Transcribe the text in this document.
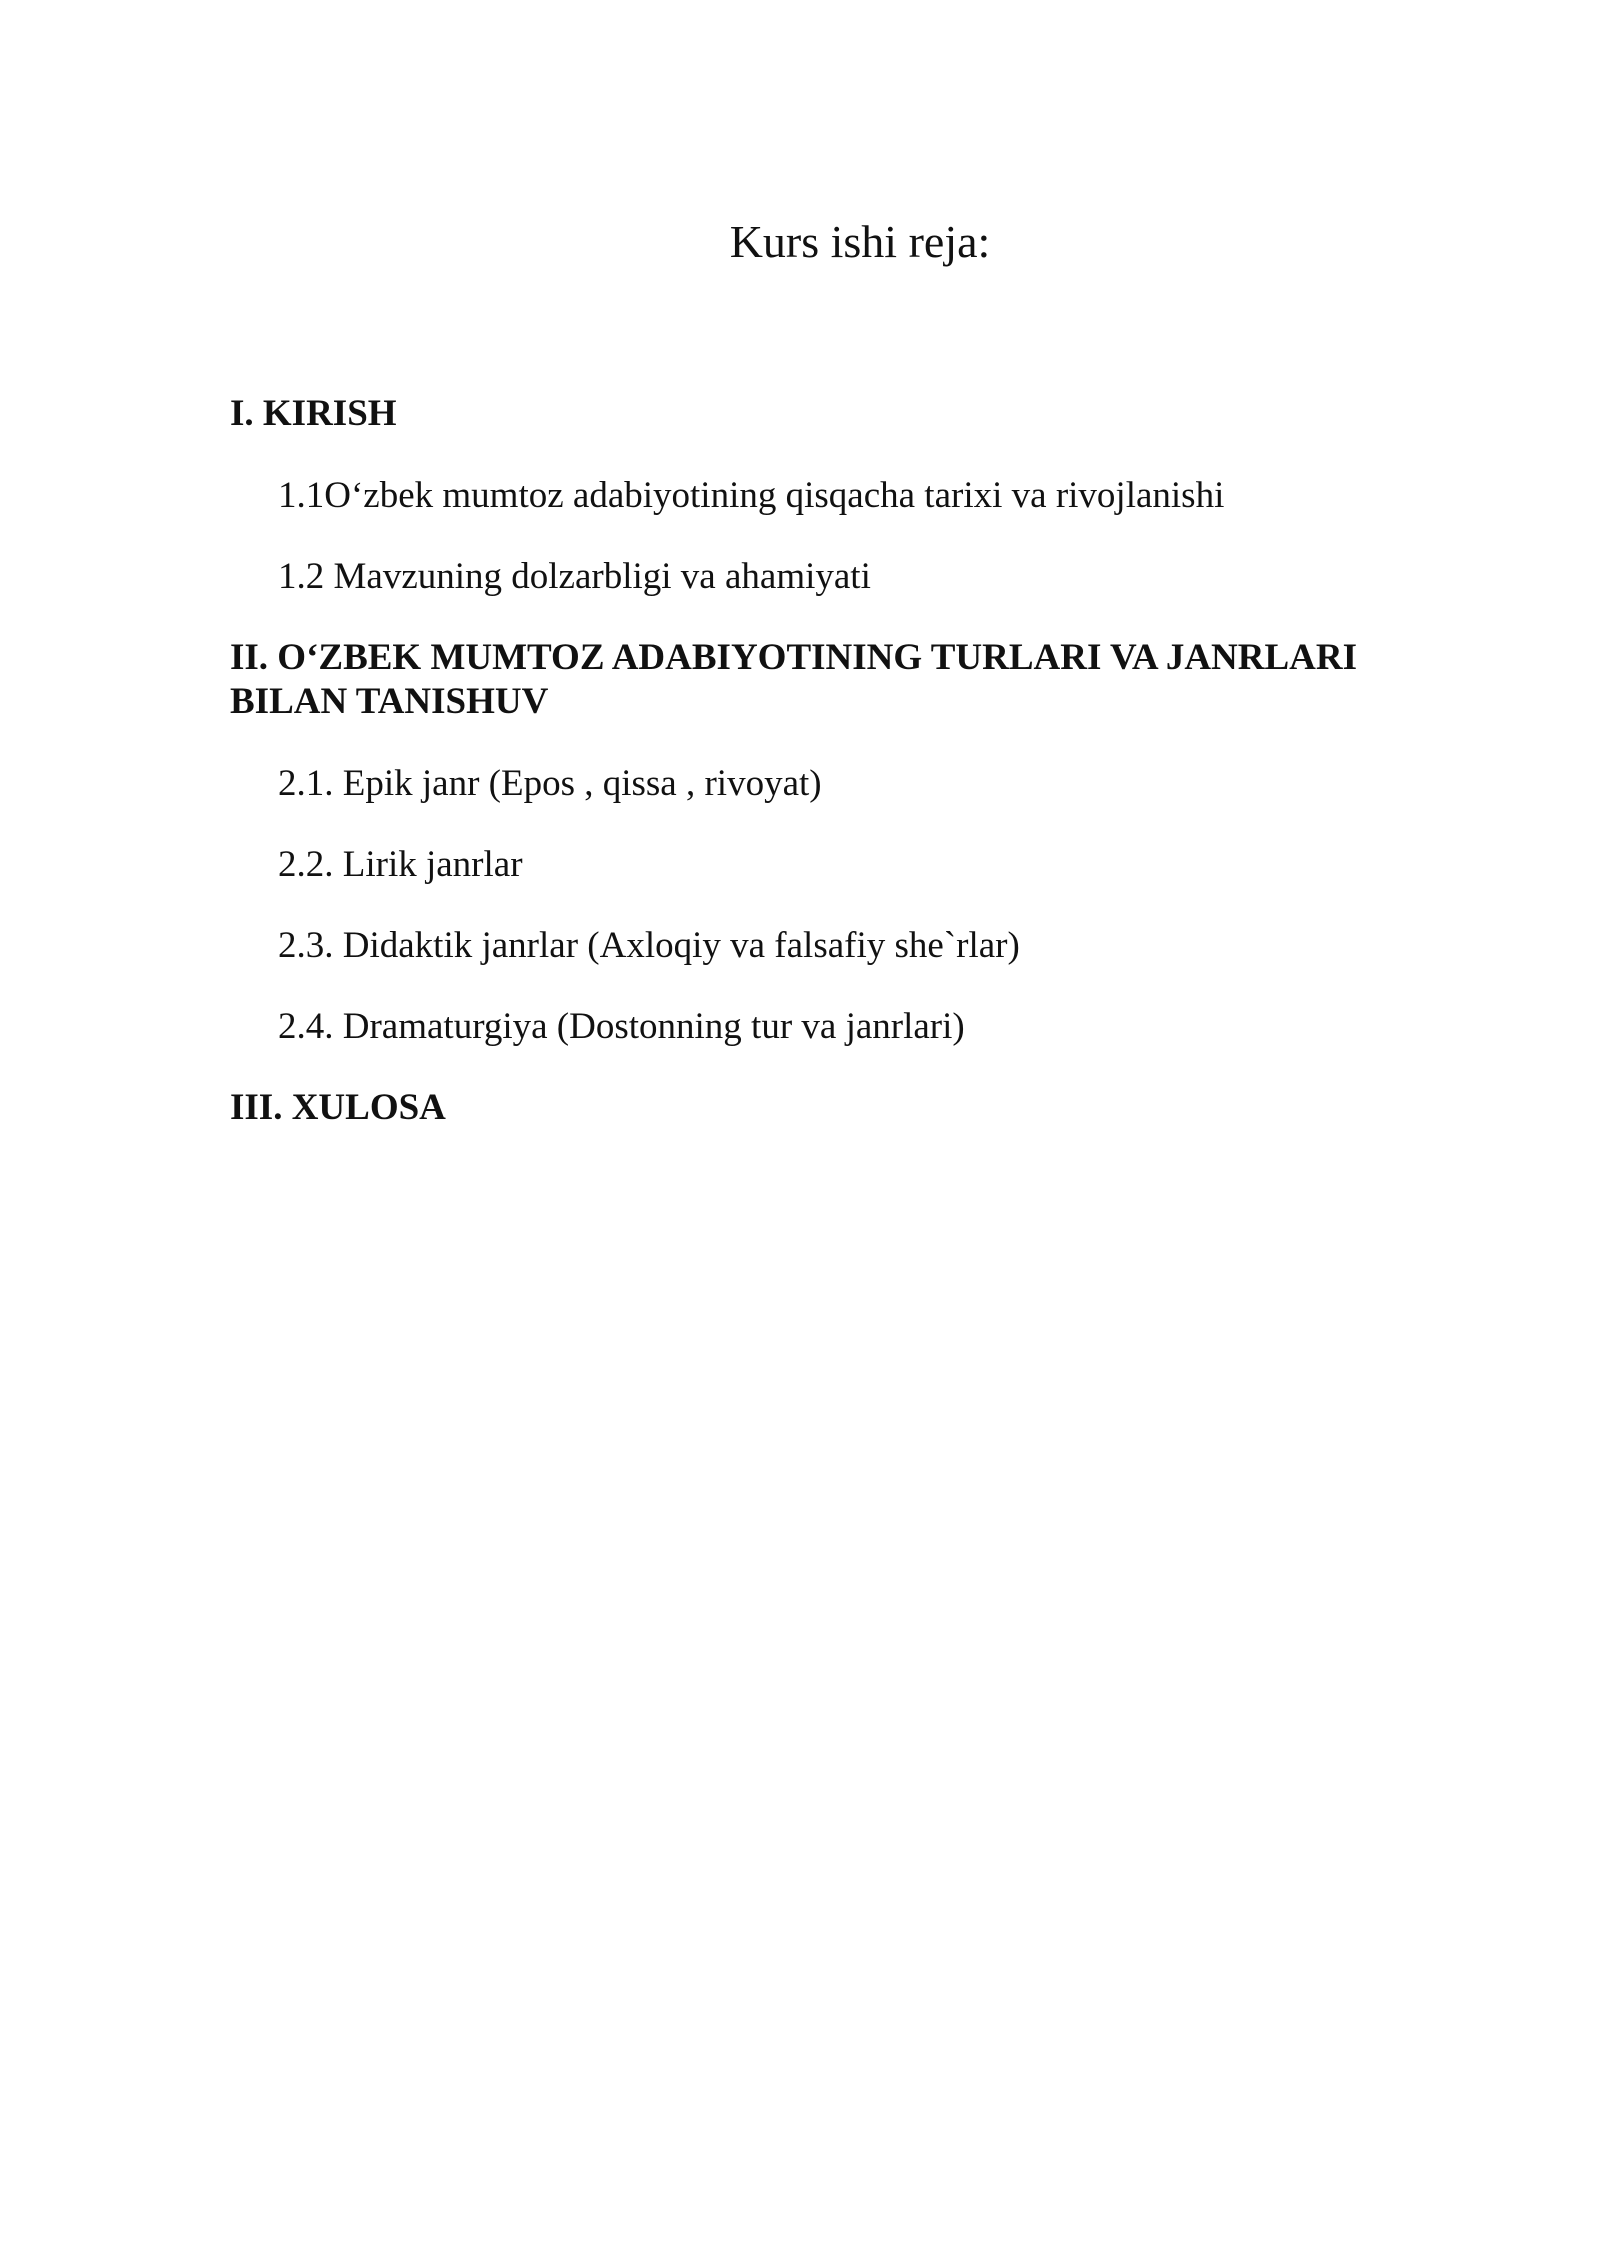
Kurs ishi reja:

I. KIRISH

1.1O‘zbek mumtoz adabiyotining qisqacha tarixi va rivojlanishi

1.2 Mavzuning dolzarbligi va ahamiyati

II. O‘ZBEK MUMTOZ ADABIYOTINING TURLARI VA JANRLARI

BILAN TANISHUV

2.1. Epik janr (Epos , qissa , rivoyat)

2.2. Lirik janrlar

2.3. Didaktik janrlar (Axloqiy va falsafiy she`rlar)

2.4. Dramaturgiya (Dostonning tur va janrlari)

III. XULOSA
